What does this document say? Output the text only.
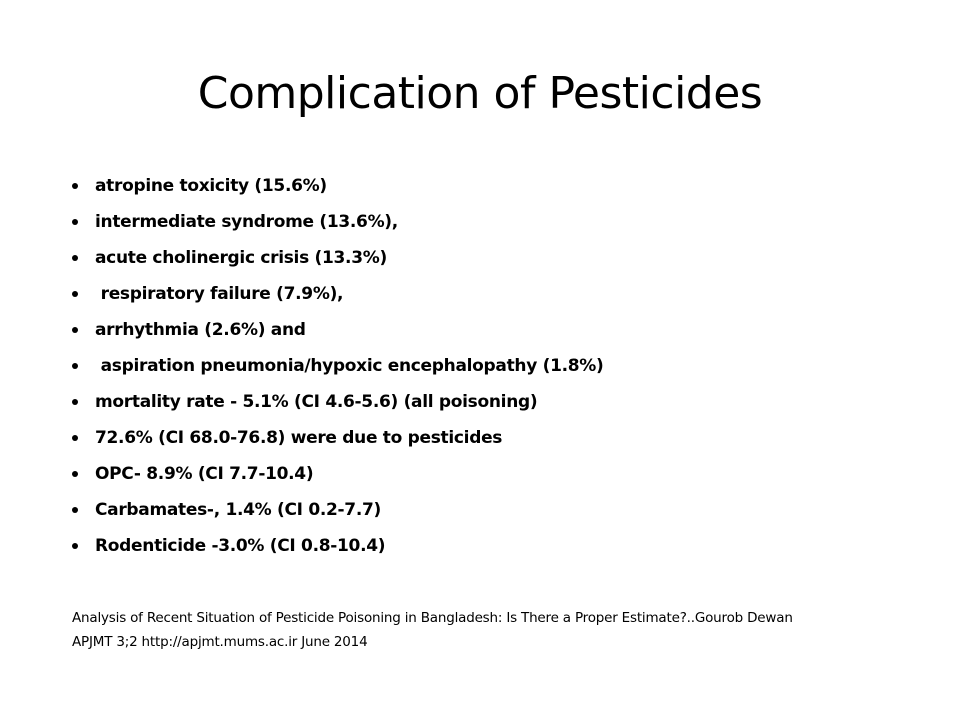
Complication of Pesticides

atropine toxicity (15.6%)

intermediate syndrome (13.6%),

acute cholinergic crisis (13.3%)

respiratory failure (7.9%),

arrhythmia (2.6%) and

aspiration pneumonia/hypoxic encephalopathy (1.8%)

mortality rate - 5.1% (CI 4.6-5.6) (all poisoning)

72.6% (CI 68.0-76.8) were due to pesticides

OPC- 8.9% (CI 7.7-10.4)

Carbamates-, 1.4% (CI 0.2-7.7)

Rodenticide -3.0% (CI 0.8-10.4)

Analysis of Recent Situation of Pesticide Poisoning in Bangladesh: Is There a Proper Estimate?..Gourob Dewan
APJMT 3;2 http://apjmt.mums.ac.ir June 2014
